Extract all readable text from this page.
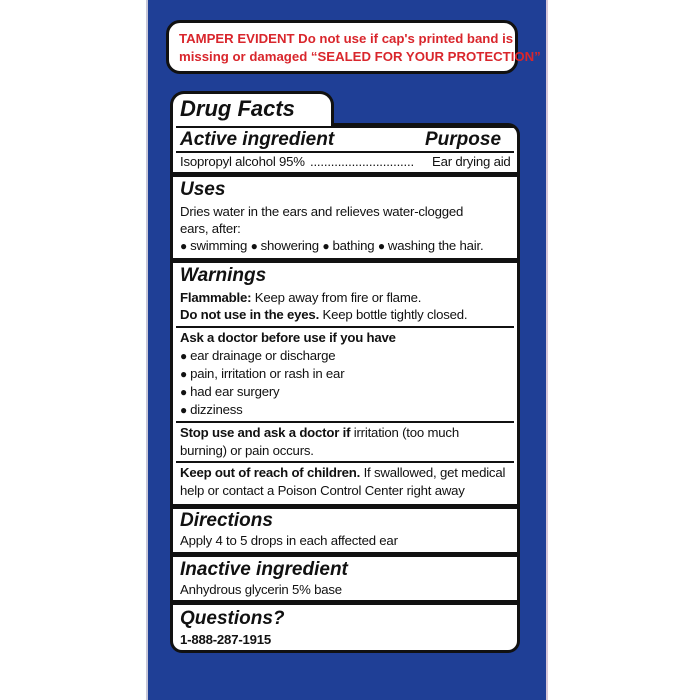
TAMPER EVIDENT Do not use if cap's printed band is
missing or damaged “SEALED FOR YOUR PROTECTION”
Drug Facts
Active ingredient	Purpose
Isopropyl alcohol 95% .............................. Ear drying aid
Uses
Dries water in the ears and relieves water-clogged
ears, after:
● swimming ● showering ● bathing ● washing the hair.
Warnings
Flammable: Keep away from fire or flame.
Do not use in the eyes. Keep bottle tightly closed.
Ask a doctor before use if you have
● ear drainage or discharge
● pain, irritation or rash in ear
● had ear surgery
● dizziness
Stop use and ask a doctor if irritation (too much
burning) or pain occurs.
Keep out of reach of children. If swallowed, get medical
help or contact a Poison Control Center right away
Directions
Apply 4 to 5 drops in each affected ear
Inactive ingredient
Anhydrous glycerin 5% base
Questions?
1-888-287-1915
